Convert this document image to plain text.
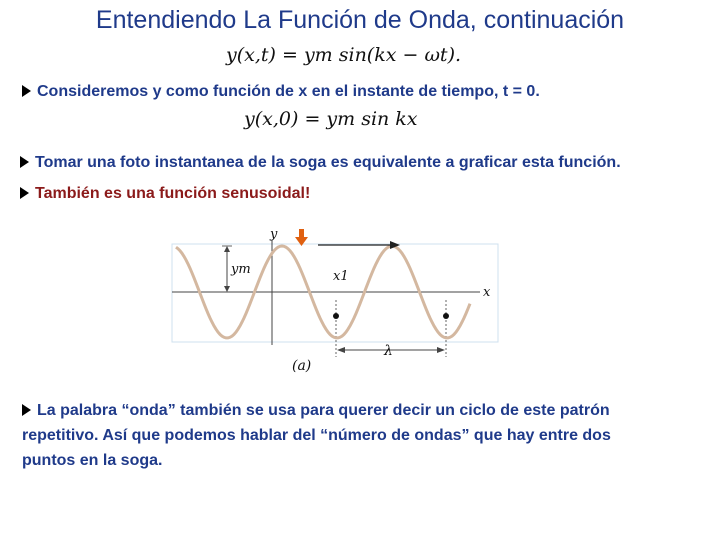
Entendiendo La Función de Onda, continuación
y(x,t) = ym sin(kx − ωt).
Consideremos y como función de x en el instante de tiempo, t = 0.
y(x,0) = ym sin kx
Tomar una foto instantanea de la soga es equivalente a graficar esta función.
También es una función senusoidal!
y
ym	x1
x
λ
(a)
La palabra “onda” también se usa para querer decir un ciclo de este patrón
repetitivo. Así que podemos hablar del “número de ondas” que hay entre dos
puntos en la soga.
